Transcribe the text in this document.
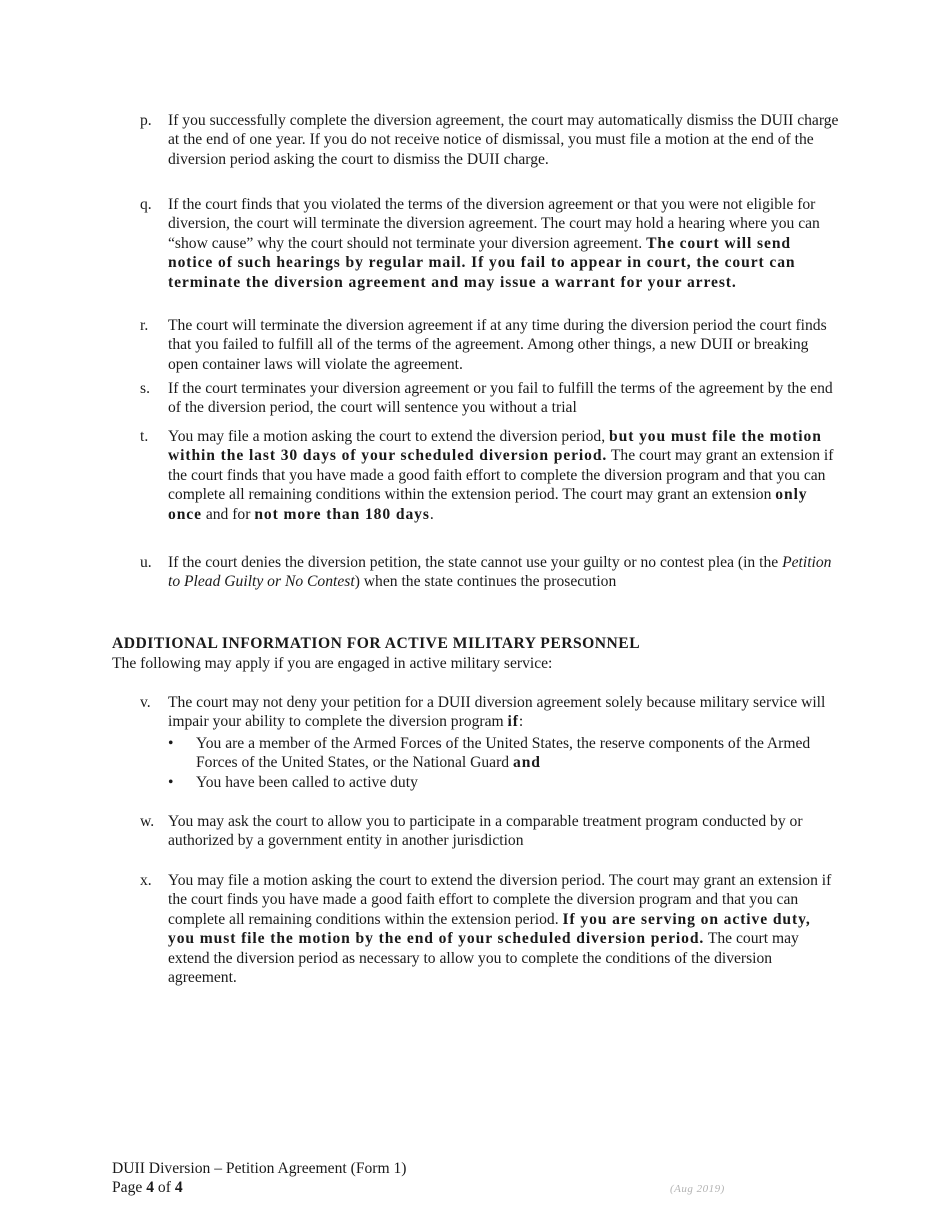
p. If you successfully complete the diversion agreement, the court may automatically dismiss the DUII charge at the end of one year. If you do not receive notice of dismissal, you must file a motion at the end of the diversion period asking the court to dismiss the DUII charge.
q. If the court finds that you violated the terms of the diversion agreement or that you were not eligible for diversion, the court will terminate the diversion agreement. The court may hold a hearing where you can “show cause” why the court should not terminate your diversion agreement. The court will send notice of such hearings by regular mail. If you fail to appear in court, the court can terminate the diversion agreement and may issue a warrant for your arrest.
r. The court will terminate the diversion agreement if at any time during the diversion period the court finds that you failed to fulfill all of the terms of the agreement. Among other things, a new DUII or breaking open container laws will violate the agreement.
s. If the court terminates your diversion agreement or you fail to fulfill the terms of the agreement by the end of the diversion period, the court will sentence you without a trial
t. You may file a motion asking the court to extend the diversion period, but you must file the motion within the last 30 days of your scheduled diversion period. The court may grant an extension if the court finds that you have made a good faith effort to complete the diversion program and that you can complete all remaining conditions within the extension period. The court may grant an extension only once and for not more than 180 days.
u. If the court denies the diversion petition, the state cannot use your guilty or no contest plea (in the Petition to Plead Guilty or No Contest) when the state continues the prosecution
ADDITIONAL INFORMATION FOR ACTIVE MILITARY PERSONNEL
The following may apply if you are engaged in active military service:
v. The court may not deny your petition for a DUII diversion agreement solely because military service will impair your ability to complete the diversion program if:
• You are a member of the Armed Forces of the United States, the reserve components of the Armed Forces of the United States, or the National Guard and
• You have been called to active duty
w. You may ask the court to allow you to participate in a comparable treatment program conducted by or authorized by a government entity in another jurisdiction
x. You may file a motion asking the court to extend the diversion period. The court may grant an extension if the court finds you have made a good faith effort to complete the diversion program and that you can complete all remaining conditions within the extension period. If you are serving on active duty, you must file the motion by the end of your scheduled diversion period. The court may extend the diversion period as necessary to allow you to complete the conditions of the diversion agreement.
DUII Diversion – Petition Agreement (Form 1)
Page 4 of 4	(Aug 2019)
